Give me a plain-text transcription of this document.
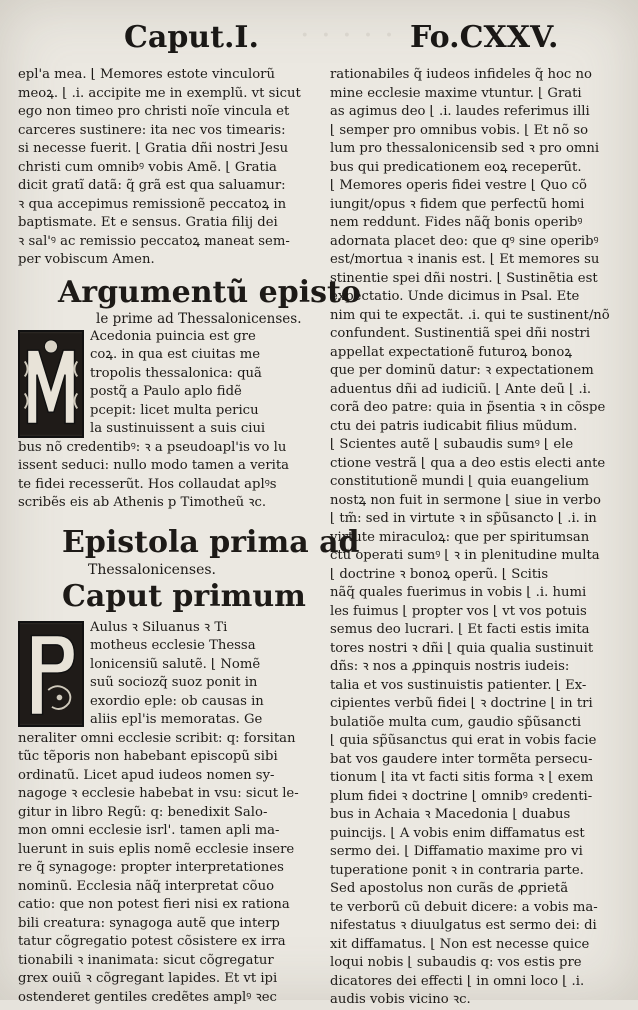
· · · · ·
Caput.I.	Fo.CXXV.
epl'a mea. ⌊ Memores estote vinculorũ
meoꝝ. ⌊ .i. accipite me in exemplũ. vt sicut
ego non timeo pro christi noĩe vincula et
carceres sustinere: ita nec vos timearis:
si necesse fuerit. ⌊ Gratia dñi nostri Jesu
christi cum omnibꝰ vobis Amẽ. ⌊ Gratia
dicit gratĩ datã: q̃ grã est qua saluamur:
ꝛ qua accepimus remissionẽ peccatoꝝ in
baptismate. Et e sensus. Gratia filij dei
ꝛ sal'ꝰ ac remissio peccatoꝝ maneat sem-
per vobiscum Amen.
Argumentũ episto
le prime ad Thessalonicenses.
Acedonia puincia est gre
coꝝ. in qua est ciuitas me
tropolis thessalonica: quã
postq̃ a Paulo aplo fidẽ
pcepit: licet multa pericu
la sustinuissent a suis ciui
bus nõ credentibꝰ: ꝛ a pseudoapl'is vo lu
issent seduci: nullo modo tamen a verita
te fidei recesserũt. Hos collaudat aplꝰs
scribẽs eis ab Athenis p Timotheũ ꝛc.
Epistola prima ad
Thessalonicenses.
Caput primum
Aulus ꝛ Siluanus ꝛ Ti
motheus ecclesie Thessa
lonicensiũ salutẽ. ⌊ Nomẽ
suũ sociozq̃ suoz ponit in
exordio eple: ob causas in
aliis epl'is memoratas. Ge
neraliter omni ecclesie scribit: q: forsitan
tũc tẽporis non habebant episcopũ sibi
ordinatũ. Licet apud iudeos nomen sy-
nagoge ꝛ ecclesie habebat in vsu: sicut le-
gitur in libro Regũ: q: benedixit Salo-
mon omni ecclesie isrl'. tamen apli ma-
luerunt in suis eplis nomẽ ecclesie insere
re q̃ synagoge: propter interpretationes
nominũ. Ecclesia nãq̃ interpretat cõuo
catio: que non potest fieri nisi ex rationa
bili creatura: synagoga autẽ que interp
tatur cõgregatio potest cõsistere ex irra
tionabili ꝛ inanimata: sicut cõgregatur
grex ouiũ ꝛ cõgregant lapides. Et vt ipi
ostenderet gentiles credẽtes amplꝰ ꝛec
rationabiles q̃ iudeos infideles q̃ hoc no
mine ecclesie maxime vtuntur. ⌊ Grati
as agimus deo ⌊ .i. laudes referimus illi
⌊ semper pro omnibus vobis. ⌊ Et nõ so
lum pro thessalonicensib sed ꝛ pro omni
bus qui predicationem eoꝝ receperũt.
⌊ Memores operis fidei vestre ⌊ Quo cõ
iungit/opus ꝛ fidem que perfectũ homi
nem reddunt. Fides nãq̃ bonis operibꝰ
adornata placet deo: que qꝰ sine operibꝰ
est/mortua ꝛ inanis est. ⌊ Et memores su
stinentie spei dñi nostri. ⌊ Sustinẽtia est
expectatio. Unde dicimus in Psal. Ete
nim qui te expectãt. .i. qui te sustinent/nõ
confundent. Sustinentiã spei dñi nostri
appellat expectationẽ futuroꝝ bonoꝝ
que per dominũ datur: ꝛ expectationem
aduentus dñi ad iudiciũ. ⌊ Ante deũ ⌊ .i.
corã deo patre: quia in p̃sentia ꝛ in cõspe
ctu dei patris iudicabit filius mũdum.
⌊ Scientes autẽ ⌊ subaudis sumꝰ ⌊ ele
ctione vestrã ⌊ qua a deo estis electi ante
constitutionẽ mundi ⌊ quia euangelium
nostꝝ non fuit in sermone ⌊ siue in verbo
⌊ tm̃: sed in virtute ꝛ in sp̃ũsancto ⌊ .i. in
virtute miraculoꝝ: que per spiritumsan
ctũ operati sumꝰ ⌊ ꝛ in plenitudine multa
⌊ doctrine ꝛ bonoꝝ operũ. ⌊ Scitis
nãq̃ quales fuerimus in vobis ⌊ .i. humi
les fuimus ⌊ propter vos ⌊ vt vos potuis
semus deo lucrari. ⌊ Et facti estis imita
tores nostri ꝛ dñi ⌊ quia qualia sustinuit
dñs: ꝛ nos a ꝓpinquis nostris iudeis:
talia et vos sustinuistis patienter. ⌊ Ex-
cipientes verbũ fidei ⌊ ꝛ doctrine ⌊ in tri
bulatiõe multa cum, gaudio sp̃ũsancti
⌊ quia sp̃ũsanctus qui erat in vobis facie
bat vos gaudere inter tormẽta persecu-
tionum ⌊ ita vt facti sitis forma ꝛ ⌊ exem
plum fidei ꝛ doctrine ⌊ omnibꝰ credenti-
bus in Achaia ꝛ Macedonia ⌊ duabus
puincijs. ⌊ A vobis enim diffamatus est
sermo dei. ⌊ Diffamatio maxime pro vi
tuperatione ponit ꝛ in contraria parte.
Sed apostolus non curãs de ꝓprietã
te verborũ cũ debuit dicere: a vobis ma-
nifestatus ꝛ diuulgatus est sermo dei: di
xit diffamatus. ⌊ Non est necesse quice
loqui nobis ⌊ subaudis q: vos estis pre
dicatores dei effecti ⌊ in omni loco ⌊ .i.
audis vobis vicino ꝛc.
